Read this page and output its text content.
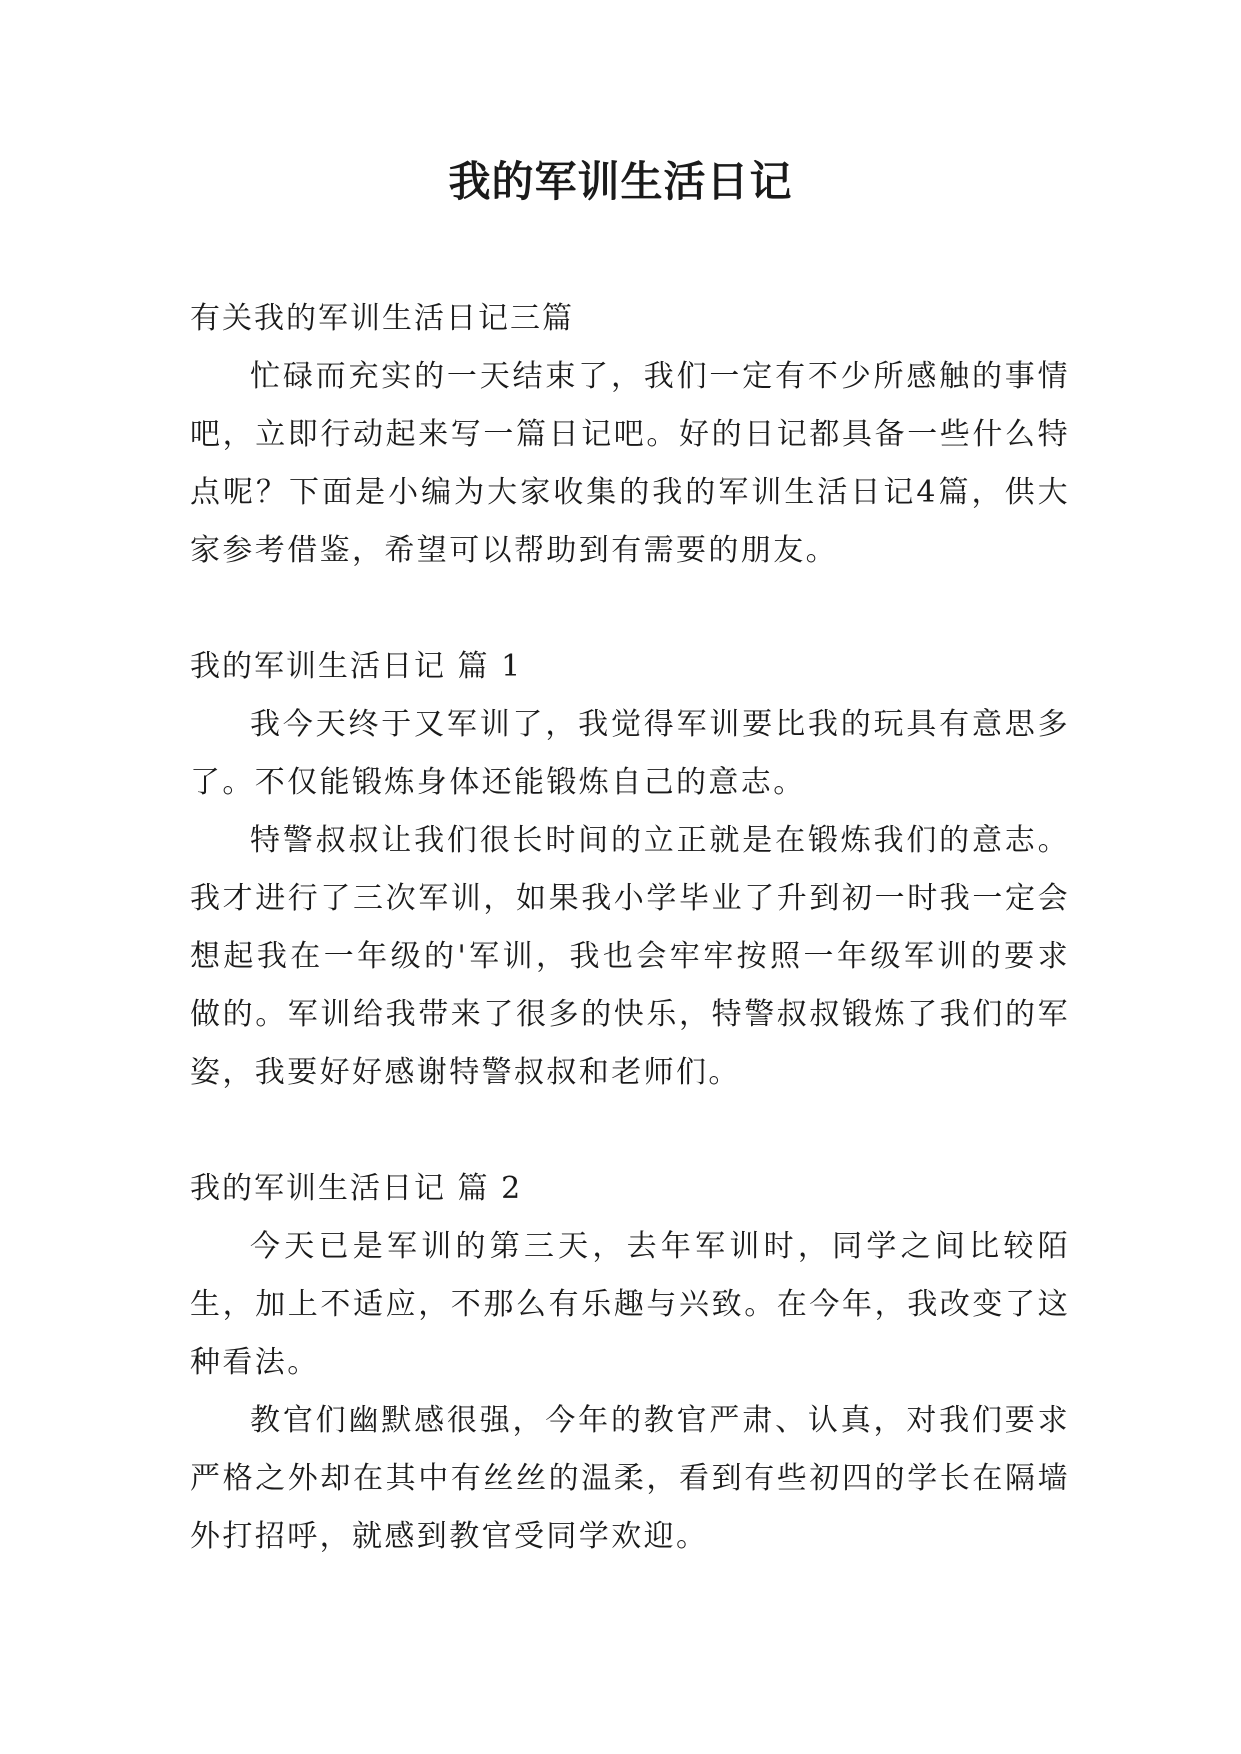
我的军训生活日记

有关我的军训生活日记三篇

忙碌而充实的一天结束了，我们一定有不少所感触的事情吧，立即行动起来写一篇日记吧。好的日记都具备一些什么特点呢？下面是小编为大家收集的我的军训生活日记4篇，供大家参考借鉴，希望可以帮助到有需要的朋友。

我的军训生活日记 篇 1

我今天终于又军训了，我觉得军训要比我的玩具有意思多了。不仅能锻炼身体还能锻炼自己的意志。

特警叔叔让我们很长时间的立正就是在锻炼我们的意志。我才进行了三次军训，如果我小学毕业了升到初一时我一定会想起我在一年级的'军训，我也会牢牢按照一年级军训的要求做的。军训给我带来了很多的快乐，特警叔叔锻炼了我们的军姿，我要好好感谢特警叔叔和老师们。

我的军训生活日记 篇 2

今天已是军训的第三天，去年军训时，同学之间比较陌生，加上不适应，不那么有乐趣与兴致。在今年，我改变了这种看法。

教官们幽默感很强，今年的教官严肃、认真，对我们要求严格之外却在其中有丝丝的温柔，看到有些初四的学长在隔墙外打招呼，就感到教官受同学欢迎。
